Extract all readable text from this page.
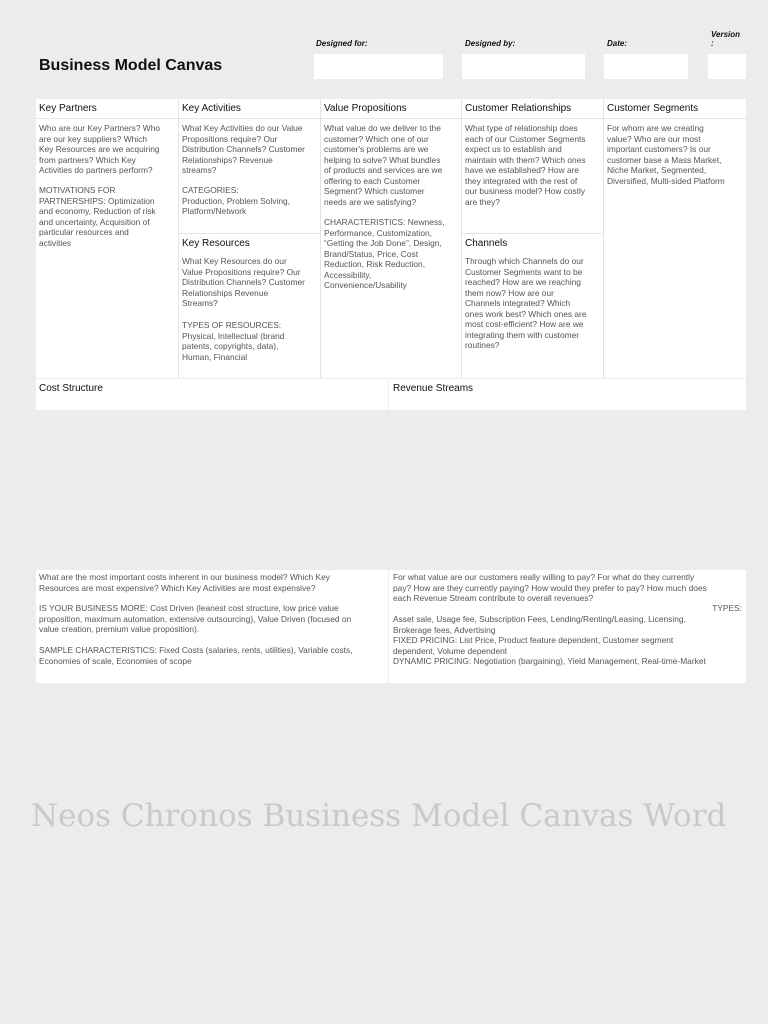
Business Model Canvas
Designed for:	Designed by:	Date:
Version
:

Key Partners

Who are our Key Partners? Who
are our key suppliers? Which
Key Resources are we acquiring
from partners? Which Key
Activities do partners perform?

MOTIVATIONS FOR
PARTNERSHIPS: Optimization
and economy, Reduction of risk
and uncertainty, Acquisition of
particular resources and
activities

Key Activities

What Key Activities do our Value
Propositions require? Our
Distribution Channels? Customer
Relationships? Revenue
streams?

CATEGORIES:
Production, Problem Solving,
Platform/Network

Key Resources

What Key Resources do our
Value Propositions require? Our
Distribution Channels? Customer
Relationships Revenue
Streams?

TYPES OF RESOURCES:
Physical, Intellectual (brand
patents, copyrights, data),
Human, Financial

Value Propositions

What value do we deliver to the
customer? Which one of our
customer's problems are we
helping to solve? What bundles
of products and services are we
offering to each Customer
Segment? Which customer
needs are we satisfying?

CHARACTERISTICS: Newness,
Performance, Customization,
“Getting the Job Done”, Design,
Brand/Status, Price, Cost
Reduction, Risk Reduction,
Accessibility,
Convenience/Usability

Customer Relationships

What type of relationship does
each of our Customer Segments
expect us to establish and
maintain with them? Which ones
have we established? How are
they integrated with the rest of
our business model? How costly
are they?

Channels

Through which Channels do our
Customer Segments want to be
reached? How are we reaching
them now? How are our
Channels integrated? Which
ones work best? Which ones are
most cost-efficient? How are we
integrating them with customer
routines?

Customer Segments

For whom are we creating
value? Who are our most
important customers? Is our
customer base a Mass Market,
Niche Market, Segmented,
Diversified, Multi-sided Platform

Cost Structure	Revenue Streams

What are the most important costs inherent in our business model? Which Key
Resources are most expensive? Which Key Activities are most expensive?

IS YOUR BUSINESS MORE: Cost Driven (leanest cost structure, low price value
proposition, maximum automation, extensive outsourcing), Value Driven (focused on
value creation, premium value proposition).

SAMPLE CHARACTERISTICS: Fixed Costs (salaries, rents, utilities), Variable costs,
Economies of scale, Economies of scope

For what value are our customers really willing to pay? For what do they currently
pay? How are they currently paying? How would they prefer to pay? How much does
each Revenue Stream contribute to overall revenues?

TYPES:

Asset sale, Usage fee, Subscription Fees, Lending/Renting/Leasing, Licensing,
Brokerage fees, Advertising
FIXED PRICING: List Price, Product feature dependent, Customer segment
dependent, Volume dependent
DYNAMIC PRICING: Negotiation (bargaining), Yield Management, Real-time-Market

Neos Chronos Business Model Canvas Word
